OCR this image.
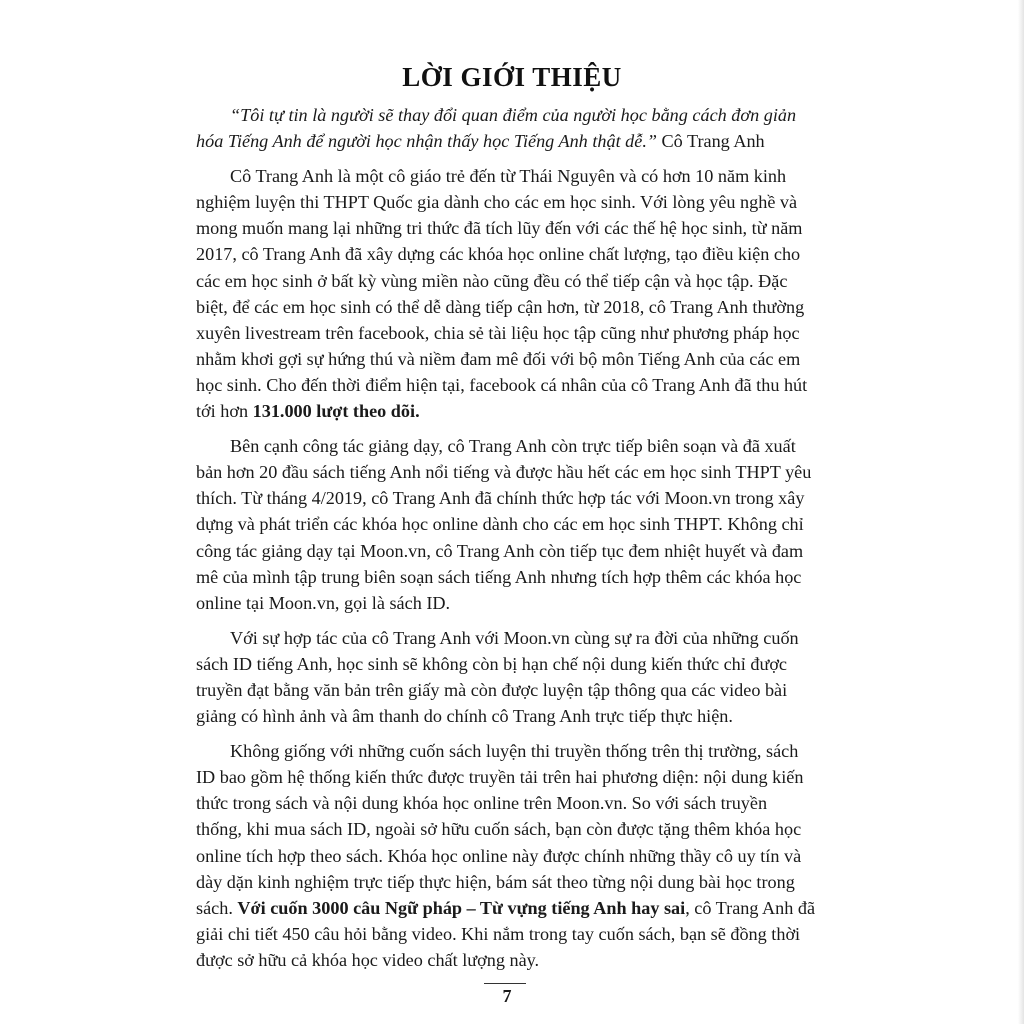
LỜI GIỚI THIỆU

“Tôi tự tin là người sẽ thay đổi quan điểm của người học bằng cách đơn giản hóa Tiếng Anh để người học nhận thấy học Tiếng Anh thật dễ.” Cô Trang Anh

Cô Trang Anh là một cô giáo trẻ đến từ Thái Nguyên và có hơn 10 năm kinh nghiệm luyện thi THPT Quốc gia dành cho các em học sinh. Với lòng yêu nghề và mong muốn mang lại những tri thức đã tích lũy đến với các thế hệ học sinh, từ năm 2017, cô Trang Anh đã xây dựng các khóa học online chất lượng, tạo điều kiện cho các em học sinh ở bất kỳ vùng miền nào cũng đều có thể tiếp cận và học tập. Đặc biệt, để các em học sinh có thể dễ dàng tiếp cận hơn, từ 2018, cô Trang Anh thường xuyên livestream trên facebook, chia sẻ tài liệu học tập cũng như phương pháp học nhằm khơi gợi sự hứng thú và niềm đam mê đối với bộ môn Tiếng Anh của các em học sinh. Cho đến thời điểm hiện tại, facebook cá nhân của cô Trang Anh đã thu hút tới hơn 131.000 lượt theo dõi.

Bên cạnh công tác giảng dạy, cô Trang Anh còn trực tiếp biên soạn và đã xuất bản hơn 20 đầu sách tiếng Anh nổi tiếng và được hầu hết các em học sinh THPT yêu thích. Từ tháng 4/2019, cô Trang Anh đã chính thức hợp tác với Moon.vn trong xây dựng và phát triển các khóa học online dành cho các em học sinh THPT. Không chỉ công tác giảng dạy tại Moon.vn, cô Trang Anh còn tiếp tục đem nhiệt huyết và đam mê của mình tập trung biên soạn sách tiếng Anh nhưng tích hợp thêm các khóa học online tại Moon.vn, gọi là sách ID.

Với sự hợp tác của cô Trang Anh với Moon.vn cùng sự ra đời của những cuốn sách ID tiếng Anh, học sinh sẽ không còn bị hạn chế nội dung kiến thức chỉ được truyền đạt bằng văn bản trên giấy mà còn được luyện tập thông qua các video bài giảng có hình ảnh và âm thanh do chính cô Trang Anh trực tiếp thực hiện.

Không giống với những cuốn sách luyện thi truyền thống trên thị trường, sách ID bao gồm hệ thống kiến thức được truyền tải trên hai phương diện: nội dung kiến thức trong sách và nội dung khóa học online trên Moon.vn. So với sách truyền thống, khi mua sách ID, ngoài sở hữu cuốn sách, bạn còn được tặng thêm khóa học online tích hợp theo sách. Khóa học online này được chính những thầy cô uy tín và dày dặn kinh nghiệm trực tiếp thực hiện, bám sát theo từng nội dung bài học trong sách. Với cuốn 3000 câu Ngữ pháp – Từ vựng tiếng Anh hay sai, cô Trang Anh đã giải chi tiết 450 câu hỏi bằng video. Khi nắm trong tay cuốn sách, bạn sẽ đồng thời được sở hữu cả khóa học video chất lượng này.

7
